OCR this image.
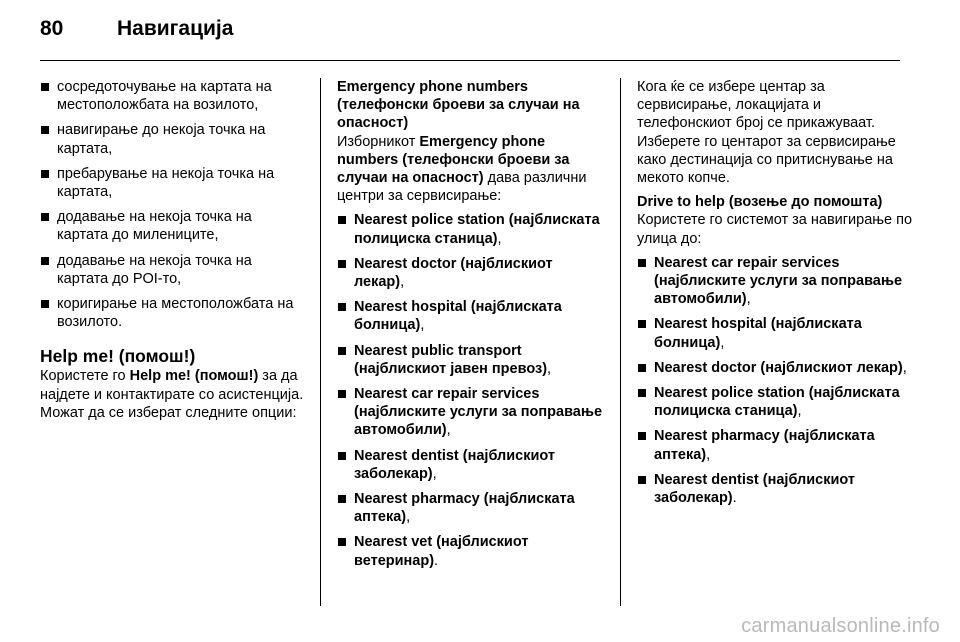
80	Навигација
сосредоточување на картата на местоположбата на возилото,
навигирање до некоја точка на картата,
пребарување на некоја точка на картата,
додавање на некоја точка на картата до милениците,
додавање на некоја точка на картата до POI-то,
коригирање на местоположбата на возилото.
Help me! (помош!)

Користете го Help me! (помош!) за да најдете и контактирате со асистенција. Можат да се изберат следните опции:

Emergency phone numbers (телефонски броеви за случаи на опасност)

Изборникот Emergency phone numbers (телефонски броеви за случаи на опасност) дава различни центри за сервисирање:

Nearest police station (најблиската полициска станица),
Nearest doctor (најблискиот лекар),
Nearest hospital (најблиската болница),
Nearest public transport (најблискиот јавен превоз),
Nearest car repair services (најблиските услуги за поправање автомобили),
Nearest dentist (најблискиот заболекар),
Nearest pharmacy (најблиската аптека),
Nearest vet (најблискиот ветеринар).

Кога ќе се избере центар за сервисирање, локацијата и телефонскиот број се прикажуваат. Изберете го центарот за сервисирање како дестинација со притиснување на мекото копче.

Drive to help (возење до помошта)

Користете го системот за навигирање по улица до:

Nearest car repair services (најблиските услуги за поправање автомобили),
Nearest hospital (најблиската болница),
Nearest doctor (најблискиот лекар),
Nearest police station (најблиската полициска станица),
Nearest pharmacy (најблиската аптека),
Nearest dentist (најблискиот заболекар).
carmanualsonline.info
